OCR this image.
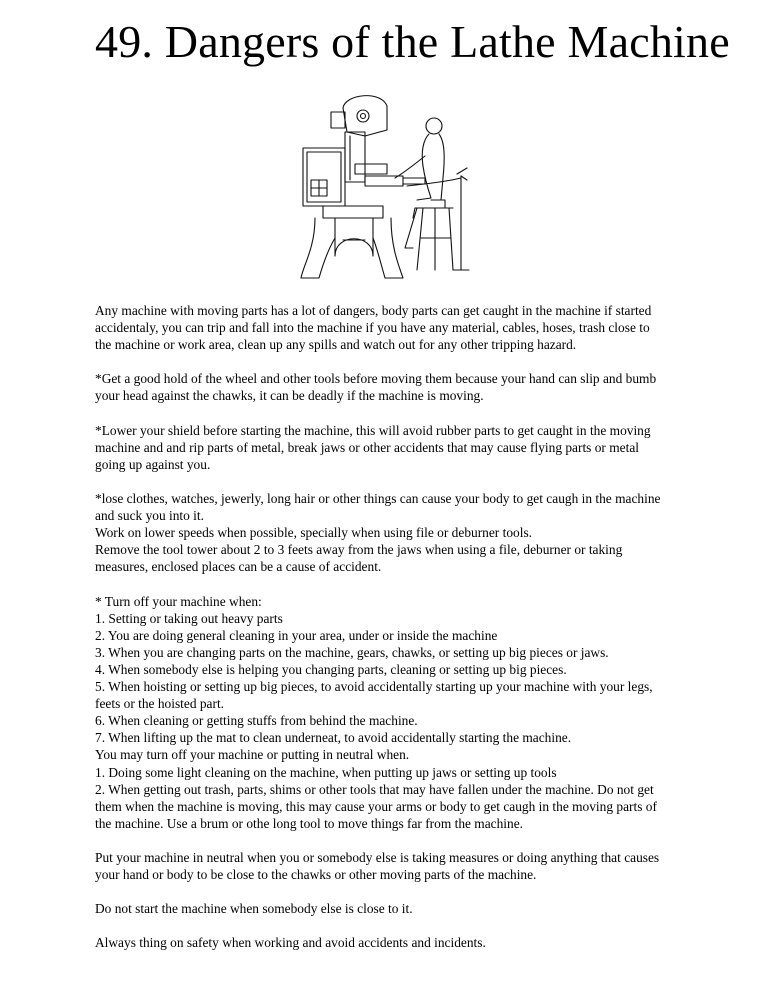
49. Dangers of the Lathe Machine

Any machine with moving parts has a lot of dangers, body parts can get caught in the machine if started
accidentaly, you can trip and fall into the machine if you have any material, cables, hoses, trash close to
the machine or work area, clean up any spills and watch out for any other tripping hazard.

*Get a good hold of the wheel and other tools before moving them because your hand can slip and bumb
your head against the chawks, it can be deadly if the machine is moving.

*Lower your shield before starting the machine, this will avoid rubber parts to get caught in the moving
machine and and rip parts of metal, break jaws or other accidents that may cause flying parts or metal
going up against you.

*lose clothes, watches, jewerly, long hair or other things can cause your body to get caugh in the machine
and suck you into it.
Work on lower speeds when possible, specially when using file or deburner tools.
Remove the tool tower about 2 to 3 feets away from the jaws when using a file, deburner or taking
measures, enclosed places can be a cause of accident.

* Turn off your machine when:
1. Setting or taking out heavy parts
2. You are doing general cleaning in your area, under or inside the machine
3. When you are changing parts on the machine, gears, chawks, or setting up big pieces or jaws.
4. When somebody else is helping you changing parts, cleaning or setting up big pieces.
5. When hoisting or setting up big pieces, to avoid accidentally starting up your machine with your legs,
feets or the hoisted part.
6. When cleaning or getting stuffs from behind the machine.
7. When lifting up the mat to clean underneat, to avoid accidentally starting the machine.
You may turn off your machine or putting in neutral when.
1. Doing some light cleaning on the machine, when putting up jaws or setting up tools
2. When getting out trash, parts, shims or other tools that may have fallen under the machine. Do not get
them when the machine is moving, this may cause your arms or body to get caugh in the moving parts of
the machine. Use a brum or othe long tool to move things far from the machine.

Put your machine in neutral when you or somebody else is taking measures or doing anything that causes
your hand or body to be close to the chawks or other moving parts of the machine.

Do not start the machine when somebody else is close to it.

Always thing on safety when working and avoid accidents and incidents.
